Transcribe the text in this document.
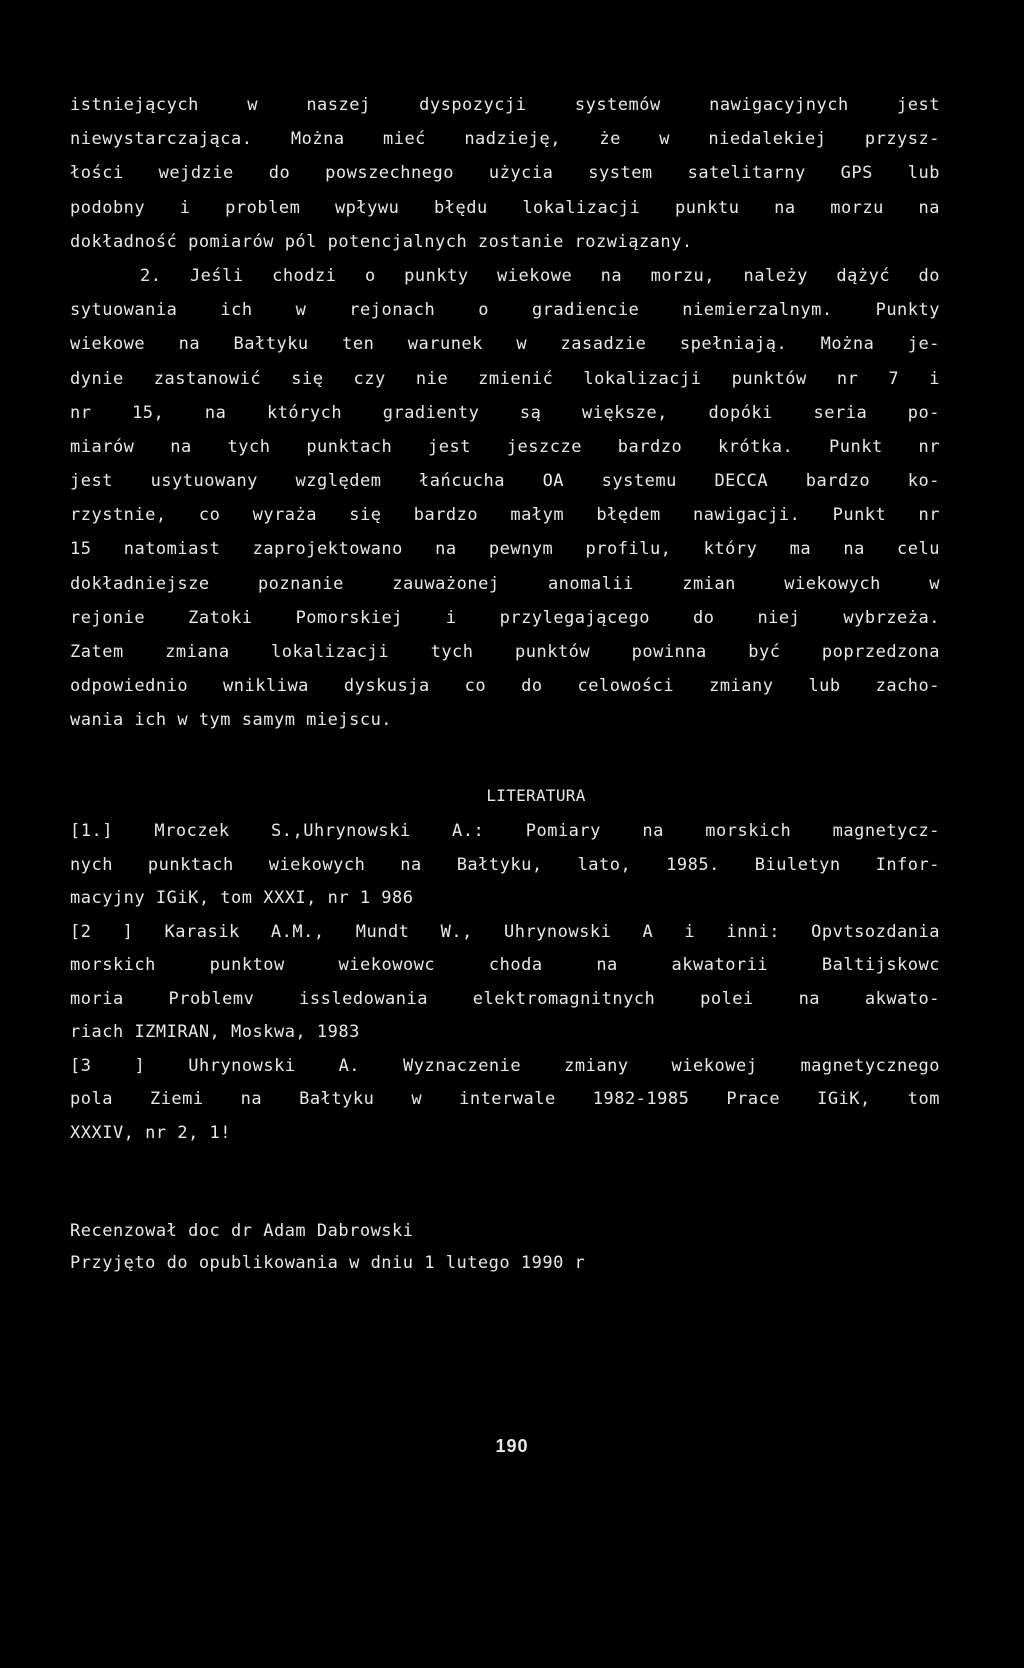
istniejących w naszej dyspozycji systemów nawigacyjnych jest
niewystarczająca. Można mieć nadzieję, że w niedalekiej przysz-
łości wejdzie do powszechnego użycia system satelitarny GPS lub
podobny i problem wpływu błędu lokalizacji punktu na morzu na
dokładność pomiarów pól potencjalnych zostanie rozwiązany.
2. Jeśli chodzi o punkty wiekowe na morzu, należy dążyć do
sytuowania ich w rejonach o gradiencie niemierzalnym. Punkty
wiekowe na Bałtyku ten warunek w zasadzie spełniają. Można je-
dynie zastanowić się czy nie zmienić lokalizacji punktów nr 7 i
nr 15, na których gradienty są większe, dopóki seria po-
miarów na tych punktach jest jeszcze bardzo krótka. Punkt nr
jest usytuowany względem łańcucha OA systemu DECCA bardzo ko-
rzystnie, co wyraża się bardzo małym błędem nawigacji. Punkt nr
15 natomiast zaprojektowano na pewnym profilu, który ma na celu
dokładniejsze poznanie zauważonej anomalii zmian wiekowych w
rejonie Zatoki Pomorskiej i przylegającego do niej wybrzeża.
Zatem zmiana lokalizacji tych punktów powinna być poprzedzona
odpowiednio wnikliwa dyskusja co do celowości zmiany lub zacho-
wania ich w tym samym miejscu.
LITERATURA
[1.] Mroczek S.,Uhrynowski A.: Pomiary na morskich magnetycz-
nych punktach wiekowych na Bałtyku, lato, 1985. Biuletyn Infor-
macyjny IGiK, tom XXXI, nr 1 986
[2 ] Karasik A.M., Mundt W., Uhrynowski A i inni: Opvtsozdania
morskich punktow wiekowowc choda na akwatorii Baltijskowc
moria Problemv issledowania elektromagnitnych polei na akwato-
riach IZMIRAN, Moskwa, 1983
[3 ] Uhrynowski A. Wyznaczenie zmiany wiekowej magnetycznego
pola Ziemi na Bałtyku w interwale 1982-1985 Prace IGiK, tom
XXXIV, nr 2, 1!
Recenzował doc dr Adam Dabrowski
Przyjęto do opublikowania w dniu 1 lutego 1990 r
190
